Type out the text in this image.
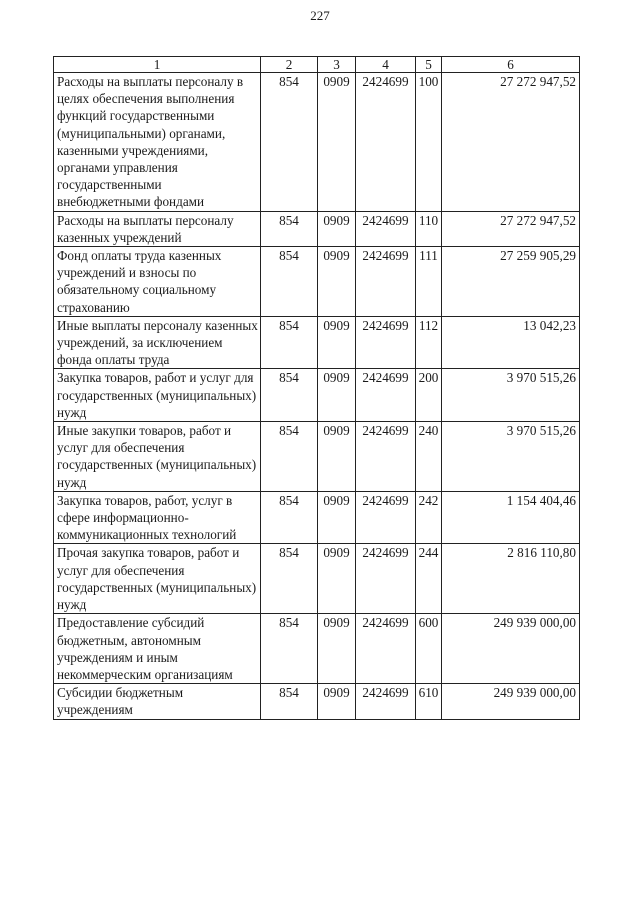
227
1	2	3	4	5	6
Расходы на выплаты персоналу в целях обеспечения выполнения функций государственными (муниципальными) органами, казенными учреждениями, органами управления государственными внебюджетными фондами	854	0909	2424699	100	27 272 947,52
Расходы на выплаты персоналу казенных учреждений	854	0909	2424699	110	27 272 947,52
Фонд оплаты труда казенных учреждений и взносы по обязательному социальному страхованию	854	0909	2424699	111	27 259 905,29
Иные выплаты персоналу казенных учреждений, за исключением фонда оплаты труда	854	0909	2424699	112	13 042,23
Закупка товаров, работ и услуг для государственных (муниципальных) нужд	854	0909	2424699	200	3 970 515,26
Иные закупки товаров, работ и услуг для обеспечения государственных (муниципальных) нужд	854	0909	2424699	240	3 970 515,26
Закупка товаров, работ, услуг в сфере информационно-коммуникационных технологий	854	0909	2424699	242	1 154 404,46
Прочая закупка товаров, работ и услуг для обеспечения государственных (муниципальных) нужд	854	0909	2424699	244	2 816 110,80
Предоставление субсидий бюджетным, автономным учреждениям и иным некоммерческим организациям	854	0909	2424699	600	249 939 000,00
Субсидии бюджетным учреждениям	854	0909	2424699	610	249 939 000,00
